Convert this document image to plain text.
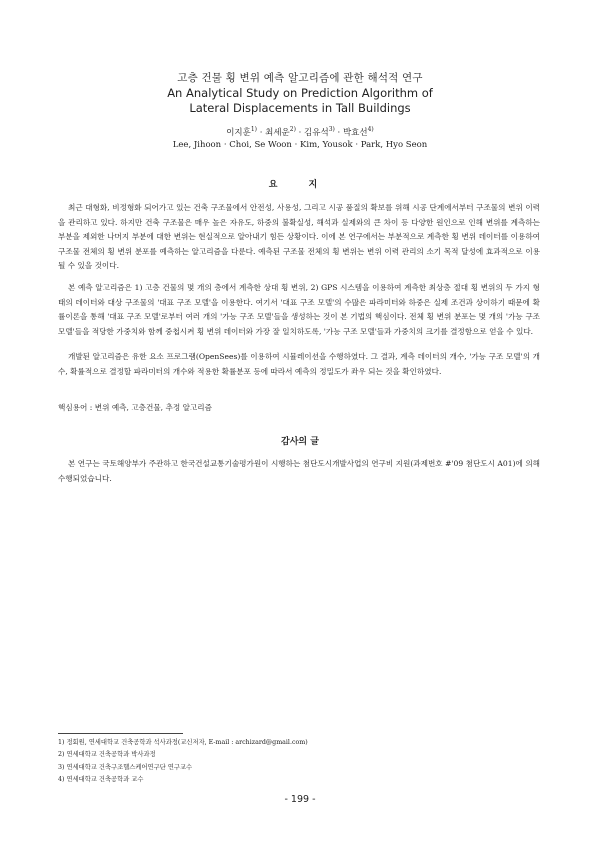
고층 건물 횡 변위 예측 알고리즘에 관한 해석적 연구
An Analytical Study on Prediction Algorithm of
Lateral Displacements in Tall Buildings
이지훈$^{1)}$ · 최세운$^{2)}$ · 김유석$^{3)}$ · 박효선$^{4)}$
Lee, Jihoon · Choi, Se Woon · Kim, Yousok · Park, Hyo Seon
요 지

최근 대형화, 비정형화 되어가고 있는 건축 구조물에서 안전성, 사용성, 그리고 시공 품질의 확보를 위해 시공 단계에서부터 구조물의 변위 이력을 관리하고 있다. 하지만 건축 구조물은 매우 높은 자유도, 하중의 불확실성, 해석과 실제와의 큰 차이 등 다양한 원인으로 인해 변위를 계측하는 부분을 제외한 나머지 부분에 대한 변위는 현실적으로 알아내기 힘든 상황이다. 이에 본 연구에서는 부분적으로 계측한 횡 변위 데이터를 이용하여 구조물 전체의 횡 변위 분포를 예측하는 알고리즘을 다룬다. 예측된 구조물 전체의 횡 변위는 변위 이력 관리의 소기 목적 달성에 효과적으로 이용될 수 있을 것이다.

본 예측 알고리즘은 1) 고층 건물의 몇 개의 층에서 계측한 상대 횡 변위, 2) GPS 시스템을 이용하여 계측한 최상층 절대 횡 변위의 두 가지 형태의 데이터와 대상 구조물의 '대표 구조 모델'을 이용한다. 여기서 '대표 구조 모델'의 수많은 파라미터와 하중은 실제 조건과 상이하기 때문에 확률이론을 통해 '대표 구조 모델'로부터 여러 개의 '가능 구조 모델'들을 생성하는 것이 본 기법의 핵심이다. 전체 횡 변위 분포는 몇 개의 '가능 구조 모델'들을 적당한 가중치와 함께 중첩시켜 횡 변위 데이터와 가장 잘 일치하도록, '가능 구조 모델'들과 가중치의 크기를 결정함으로 얻을 수 있다.

개발된 알고리즘은 유한 요소 프로그램(OpenSees)를 이용하여 시뮬레이션을 수행하였다. 그 결과, 계측 데이터의 개수, '가능 구조 모델'의 개수, 확률적으로 결정할 파라미터의 개수와 적용한 확률분포 등에 따라서 예측의 정밀도가 좌우 되는 것을 확인하였다.

핵심용어 : 변위 예측, 고층건물, 추정 알고리즘

감사의 글

본 연구는 국토해양부가 주관하고 한국건설교통기술평가원이 시행하는 첨단도시개발사업의 연구비 지원(과제번호 #'09 첨단도시 A01)에 의해 수행되었습니다.

1) 정회원, 연세대학교 건축공학과 석사과정(교신저자, E-mail : archizard@gmail.com)
2) 연세대학교 건축공학과 박사과정
3) 연세대학교 건축구조헬스케어연구단 연구교수
4) 연세대학교 건축공학과 교수
- 199 -
